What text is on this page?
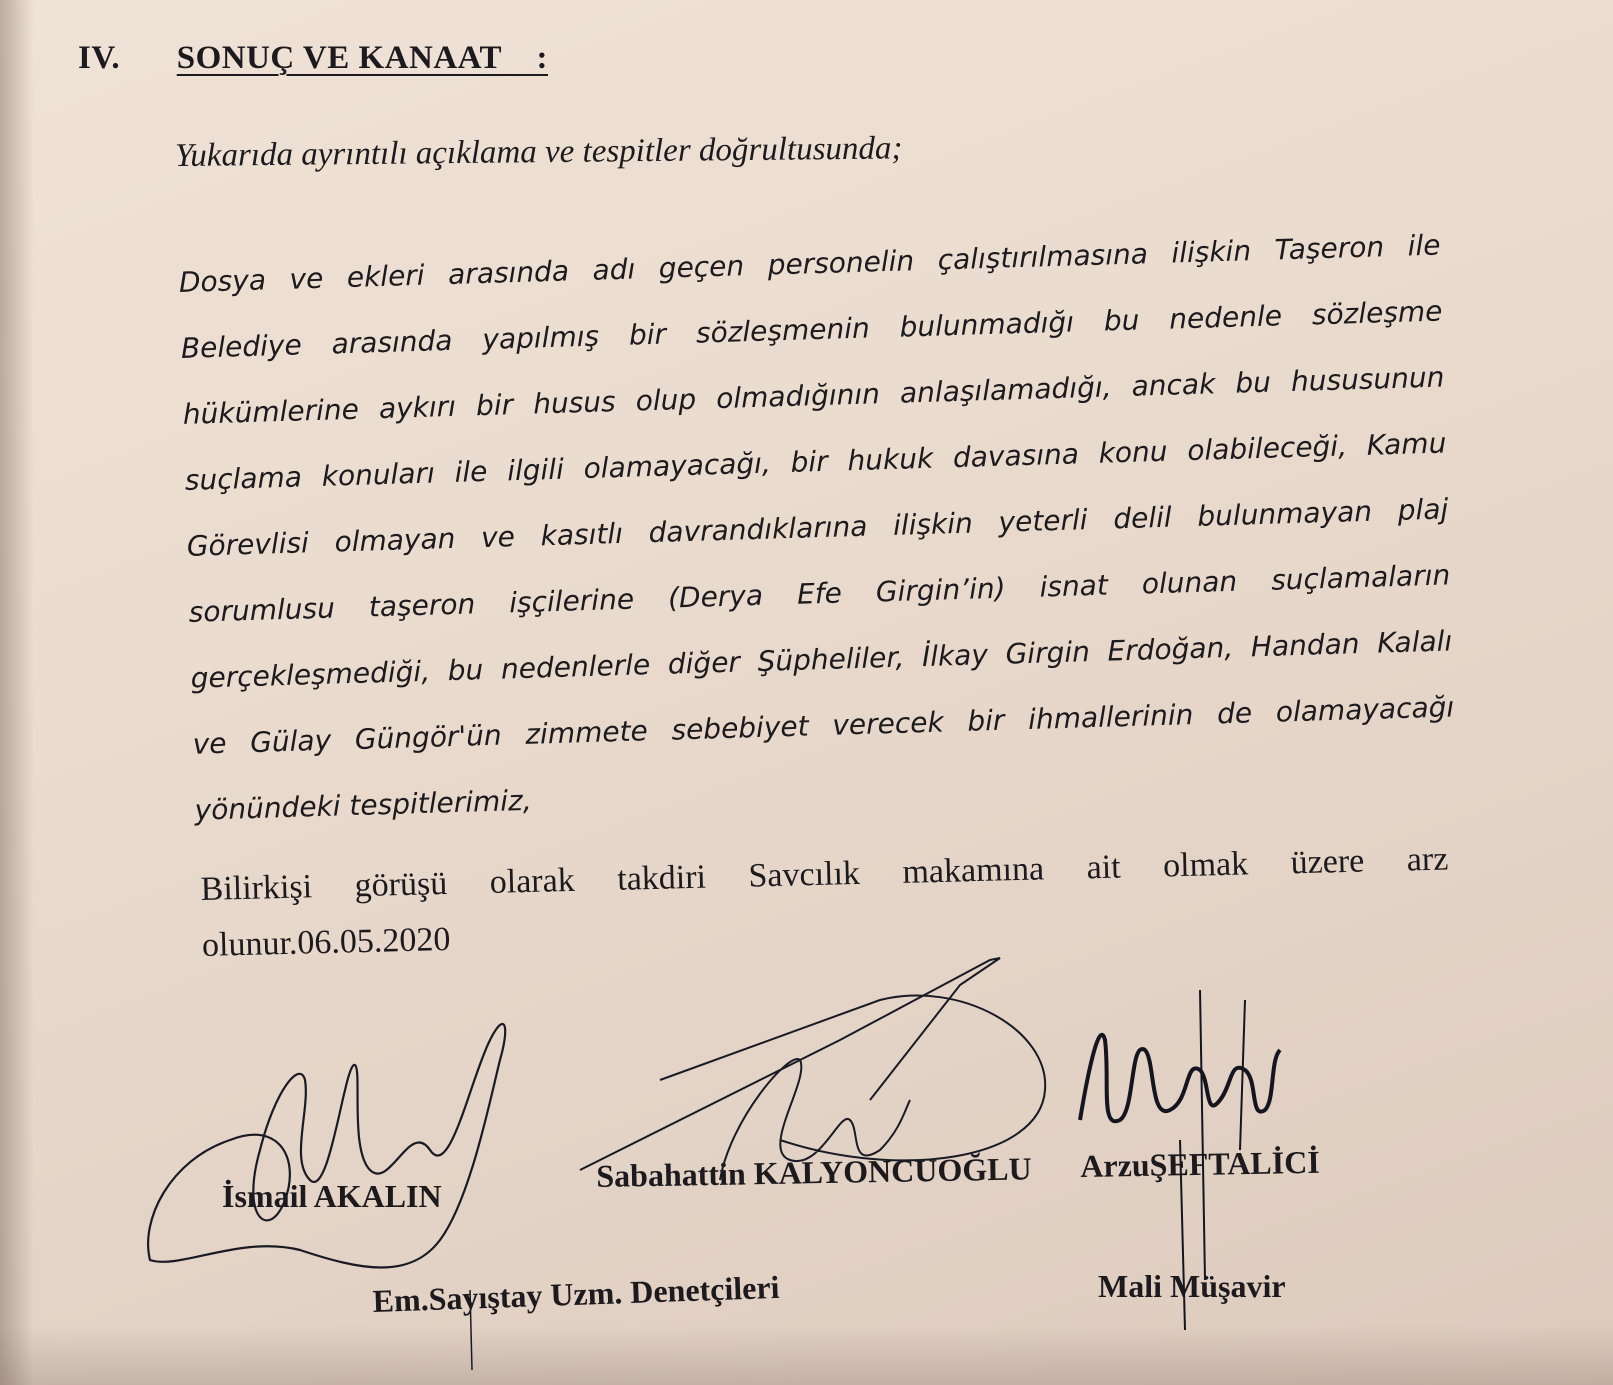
IV. SONUÇ VE KANAAT    :
Yukarıda ayrıntılı açıklama ve tespitler doğrultusunda;
Dosya ve ekleri arasında adı geçen personelin çalıştırılmasına ilişkin Taşeron ile
Belediye arasında yapılmış bir sözleşmenin bulunmadığı bu nedenle sözleşme
hükümlerine aykırı bir husus olup olmadığının anlaşılamadığı, ancak bu hususunun
suçlama konuları ile ilgili olamayacağı, bir hukuk davasına konu olabileceği, Kamu
Görevlisi olmayan ve kasıtlı davrandıklarına ilişkin yeterli delil bulunmayan plaj
sorumlusu taşeron işçilerine (Derya Efe Girgin’in) isnat olunan suçlamaların
gerçekleşmediği, bu nedenlerle diğer Şüpheliler, İlkay Girgin Erdoğan, Handan Kalalı
ve Gülay Güngör'ün zimmete sebebiyet verecek bir ihmallerinin de olamayacağı
yönündeki tespitlerimiz,
Bilirkişi görüşü olarak takdiri Savcılık makamına ait olmak üzere arz
olunur.06.05.2020
İsmail AKALIN
Sabahattin KALYONCUOĞLU ArzuŞEFTALİCİ
Em.Sayıştay Uzm. Denetçileri	Mali Müşavir
